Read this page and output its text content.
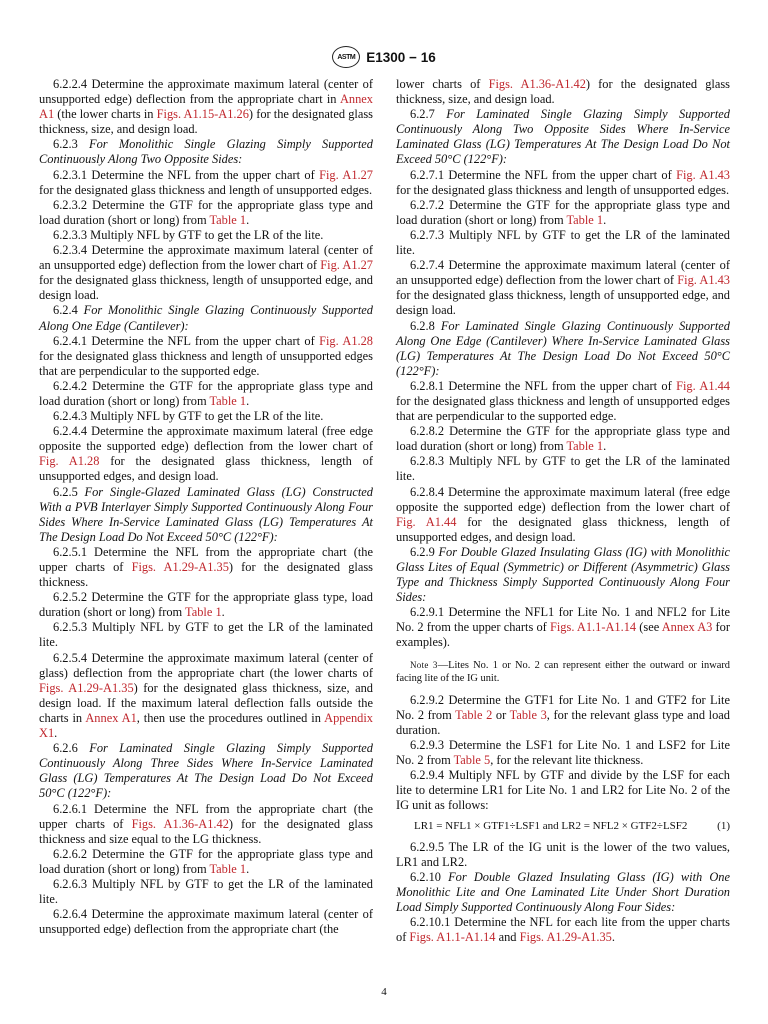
ASTM E1300 − 16

6.2.2.4 Determine the approximate maximum lateral (center of unsupported edge) deflection from the appropriate chart in Annex A1 (the lower charts in Figs. A1.15-A1.26) for the designated glass thickness, size, and design load.

6.2.3 For Monolithic Single Glazing Simply Supported Continuously Along Two Opposite Sides:

6.2.3.1 Determine the NFL from the upper chart of Fig. A1.27 for the designated glass thickness and length of unsupported edges.

6.2.3.2 Determine the GTF for the appropriate glass type and load duration (short or long) from Table 1.

6.2.3.3 Multiply NFL by GTF to get the LR of the lite.

6.2.3.4 Determine the approximate maximum lateral (center of an unsupported edge) deflection from the lower chart of Fig. A1.27 for the designated glass thickness, length of unsupported edge, and design load.

6.2.4 For Monolithic Single Glazing Continuously Supported Along One Edge (Cantilever):

6.2.4.1 Determine the NFL from the upper chart of Fig. A1.28 for the designated glass thickness and length of unsupported edges that are perpendicular to the supported edge.

6.2.4.2 Determine the GTF for the appropriate glass type and load duration (short or long) from Table 1.

6.2.4.3 Multiply NFL by GTF to get the LR of the lite.

6.2.4.4 Determine the approximate maximum lateral (free edge opposite the supported edge) deflection from the lower chart of Fig. A1.28 for the designated glass thickness, length of unsupported edges, and design load.

6.2.5 For Single-Glazed Laminated Glass (LG) Constructed With a PVB Interlayer Simply Supported Continuously Along Four Sides Where In-Service Laminated Glass (LG) Temperatures At The Design Load Do Not Exceed 50°C (122°F):

6.2.5.1 Determine the NFL from the appropriate chart (the upper charts of Figs. A1.29-A1.35) for the designated glass thickness.

6.2.5.2 Determine the GTF for the appropriate glass type, load duration (short or long) from Table 1.

6.2.5.3 Multiply NFL by GTF to get the LR of the laminated lite.

6.2.5.4 Determine the approximate maximum lateral (center of glass) deflection from the appropriate chart (the lower charts of Figs. A1.29-A1.35) for the designated glass thickness, size, and design load. If the maximum lateral deflection falls outside the charts in Annex A1, then use the procedures outlined in Appendix X1.

6.2.6 For Laminated Single Glazing Simply Supported Continuously Along Three Sides Where In-Service Laminated Glass (LG) Temperatures At The Design Load Do Not Exceed 50°C (122°F):

6.2.6.1 Determine the NFL from the appropriate chart (the upper charts of Figs. A1.36-A1.42) for the designated glass thickness and size equal to the LG thickness.

6.2.6.2 Determine the GTF for the appropriate glass type and load duration (short or long) from Table 1.

6.2.6.3 Multiply NFL by GTF to get the LR of the laminated lite.

6.2.6.4 Determine the approximate maximum lateral (center of unsupported edge) deflection from the appropriate chart (the

lower charts of Figs. A1.36-A1.42) for the designated glass thickness, size, and design load.

6.2.7 For Laminated Single Glazing Simply Supported Continuously Along Two Opposite Sides Where In-Service Laminated Glass (LG) Temperatures At The Design Load Do Not Exceed 50°C (122°F):

6.2.7.1 Determine the NFL from the upper chart of Fig. A1.43 for the designated glass thickness and length of unsupported edges.

6.2.7.2 Determine the GTF for the appropriate glass type and load duration (short or long) from Table 1.

6.2.7.3 Multiply NFL by GTF to get the LR of the laminated lite.

6.2.7.4 Determine the approximate maximum lateral (center of an unsupported edge) deflection from the lower chart of Fig. A1.43 for the designated glass thickness, length of unsupported edge, and design load.

6.2.8 For Laminated Single Glazing Continuously Supported Along One Edge (Cantilever) Where In-Service Laminated Glass (LG) Temperatures At The Design Load Do Not Exceed 50°C (122°F):

6.2.8.1 Determine the NFL from the upper chart of Fig. A1.44 for the designated glass thickness and length of unsupported edges that are perpendicular to the supported edge.

6.2.8.2 Determine the GTF for the appropriate glass type and load duration (short or long) from Table 1.

6.2.8.3 Multiply NFL by GTF to get the LR of the laminated lite.

6.2.8.4 Determine the approximate maximum lateral (free edge opposite the supported edge) deflection from the lower chart of Fig. A1.44 for the designated glass thickness, length of unsupported edges, and design load.

6.2.9 For Double Glazed Insulating Glass (IG) with Monolithic Glass Lites of Equal (Symmetric) or Different (Asymmetric) Glass Type and Thickness Simply Supported Continuously Along Four Sides:

6.2.9.1 Determine the NFL1 for Lite No. 1 and NFL2 for Lite No. 2 from the upper charts of Figs. A1.1-A1.14 (see Annex A3 for examples).

Note 3—Lites No. 1 or No. 2 can represent either the outward or inward facing lite of the IG unit.

6.2.9.2 Determine the GTF1 for Lite No. 1 and GTF2 for Lite No. 2 from Table 2 or Table 3, for the relevant glass type and load duration.

6.2.9.3 Determine the LSF1 for Lite No. 1 and LSF2 for Lite No. 2 from Table 5, for the relevant lite thickness.

6.2.9.4 Multiply NFL by GTF and divide by the LSF for each lite to determine LR1 for Lite No. 1 and LR2 for Lite No. 2 of the IG unit as follows:

LR1 = NFL1 × GTF1÷LSF1 and LR2 = NFL2 × GTF2÷LSF2	(1)

6.2.9.5 The LR of the IG unit is the lower of the two values, LR1 and LR2.

6.2.10 For Double Glazed Insulating Glass (IG) with One Monolithic Lite and One Laminated Lite Under Short Duration Load Simply Supported Continuously Along Four Sides:

6.2.10.1 Determine the NFL for each lite from the upper charts of Figs. A1.1-A1.14 and Figs. A1.29-A1.35.

4
